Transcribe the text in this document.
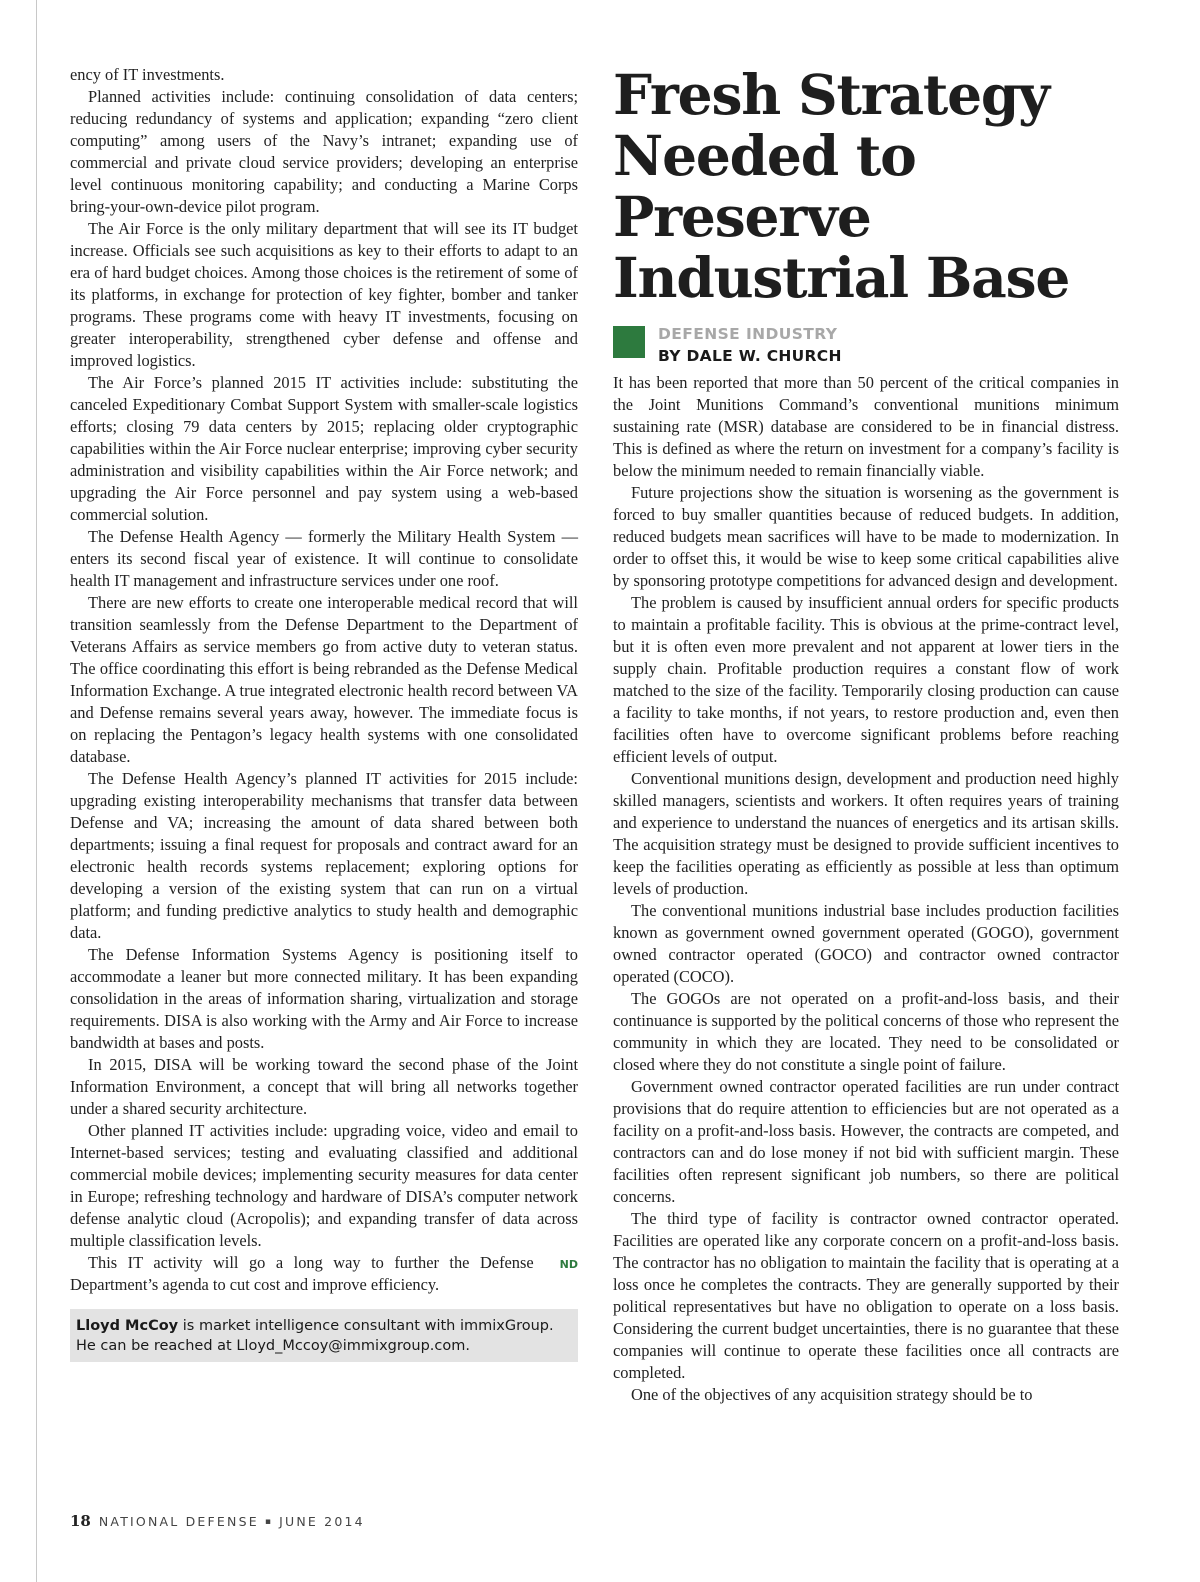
ency of IT investments.

Planned activities include: continuing consolidation of data centers; reducing redundancy of systems and application; expanding “zero client computing” among users of the Navy’s intranet; expanding use of commercial and private cloud service providers; developing an enterprise level continuous monitoring capability; and conducting a Marine Corps bring-your-own-device pilot program.

The Air Force is the only military department that will see its IT budget increase. Officials see such acquisitions as key to their efforts to adapt to an era of hard budget choices. Among those choices is the retirement of some of its platforms, in exchange for protection of key fighter, bomber and tanker programs. These programs come with heavy IT investments, focusing on greater interoperability, strengthened cyber defense and offense and improved logistics.

The Air Force’s planned 2015 IT activities include: substituting the canceled Expeditionary Combat Support System with smaller-scale logistics efforts; closing 79 data centers by 2015; replacing older cryptographic capabilities within the Air Force nuclear enterprise; improving cyber security administration and visibility capabilities within the Air Force network; and upgrading the Air Force personnel and pay system using a web-based commercial solution.

The Defense Health Agency — formerly the Military Health System — enters its second fiscal year of existence. It will continue to consolidate health IT management and infrastructure services under one roof.

There are new efforts to create one interoperable medical record that will transition seamlessly from the Defense Department to the Department of Veterans Affairs as service members go from active duty to veteran status. The office coordinating this effort is being rebranded as the Defense Medical Information Exchange. A true integrated electronic health record between VA and Defense remains several years away, however. The immediate focus is on replacing the Pentagon’s legacy health systems with one consolidated database.

The Defense Health Agency’s planned IT activities for 2015 include: upgrading existing interoperability mechanisms that transfer data between Defense and VA; increasing the amount of data shared between both departments; issuing a final request for proposals and contract award for an electronic health records systems replacement; exploring options for developing a version of the existing system that can run on a virtual platform; and funding predictive analytics to study health and demographic data.

The Defense Information Systems Agency is positioning itself to accommodate a leaner but more connected military. It has been expanding consolidation in the areas of information sharing, virtualization and storage requirements. DISA is also working with the Army and Air Force to increase bandwidth at bases and posts.

In 2015, DISA will be working toward the second phase of the Joint Information Environment, a concept that will bring all networks together under a shared security architecture.

Other planned IT activities include: upgrading voice, video and email to Internet-based services; testing and evaluating classified and additional commercial mobile devices; implementing security measures for data center in Europe; refreshing technology and hardware of DISA’s computer network defense analytic cloud (Acropolis); and expanding transfer of data across multiple classification levels.

ND
This IT activity will go a long way to further the Defense Department’s agenda to cut cost and improve efficiency.

Lloyd McCoy is market intelligence consultant with immixGroup. He can be reached at Lloyd_Mccoy@immixgroup.com.
Fresh Strategy Needed to Preserve Industrial Base
DEFENSE INDUSTRY
BY DALE W. CHURCH

It has been reported that more than 50 percent of the critical companies in the Joint Munitions Command’s conventional munitions minimum sustaining rate (MSR) database are considered to be in financial distress. This is defined as where the return on investment for a company’s facility is below the minimum needed to remain financially viable.

Future projections show the situation is worsening as the government is forced to buy smaller quantities because of reduced budgets. In addition, reduced budgets mean sacrifices will have to be made to modernization. In order to offset this, it would be wise to keep some critical capabilities alive by sponsoring prototype competitions for advanced design and development.

The problem is caused by insufficient annual orders for specific products to maintain a profitable facility. This is obvious at the prime-contract level, but it is often even more prevalent and not apparent at lower tiers in the supply chain. Profitable production requires a constant flow of work matched to the size of the facility. Temporarily closing production can cause a facility to take months, if not years, to restore production and, even then facilities often have to overcome significant problems before reaching efficient levels of output.

Conventional munitions design, development and production need highly skilled managers, scientists and workers. It often requires years of training and experience to understand the nuances of energetics and its artisan skills. The acquisition strategy must be designed to provide sufficient incentives to keep the facilities operating as efficiently as possible at less than optimum levels of production.

The conventional munitions industrial base includes production facilities known as government owned government operated (GOGO), government owned contractor operated (GOCO) and contractor owned contractor operated (COCO).

The GOGOs are not operated on a profit-and-loss basis, and their continuance is supported by the political concerns of those who represent the community in which they are located. They need to be consolidated or closed where they do not constitute a single point of failure.

Government owned contractor operated facilities are run under contract provisions that do require attention to efficiencies but are not operated as a facility on a profit-and-loss basis. However, the contracts are competed, and contractors can and do lose money if not bid with sufficient margin. These facilities often represent significant job numbers, so there are political concerns.

The third type of facility is contractor owned contractor operated. Facilities are operated like any corporate concern on a profit-and-loss basis. The contractor has no obligation to maintain the facility that is operating at a loss once he completes the contracts. They are generally supported by their political representatives but have no obligation to operate on a loss basis. Considering the current budget uncertainties, there is no guarantee that these companies will continue to operate these facilities once all contracts are completed.

One of the objectives of any acquisition strategy should be to

18 NATIONAL DEFENSE ▪ JUNE 2014
